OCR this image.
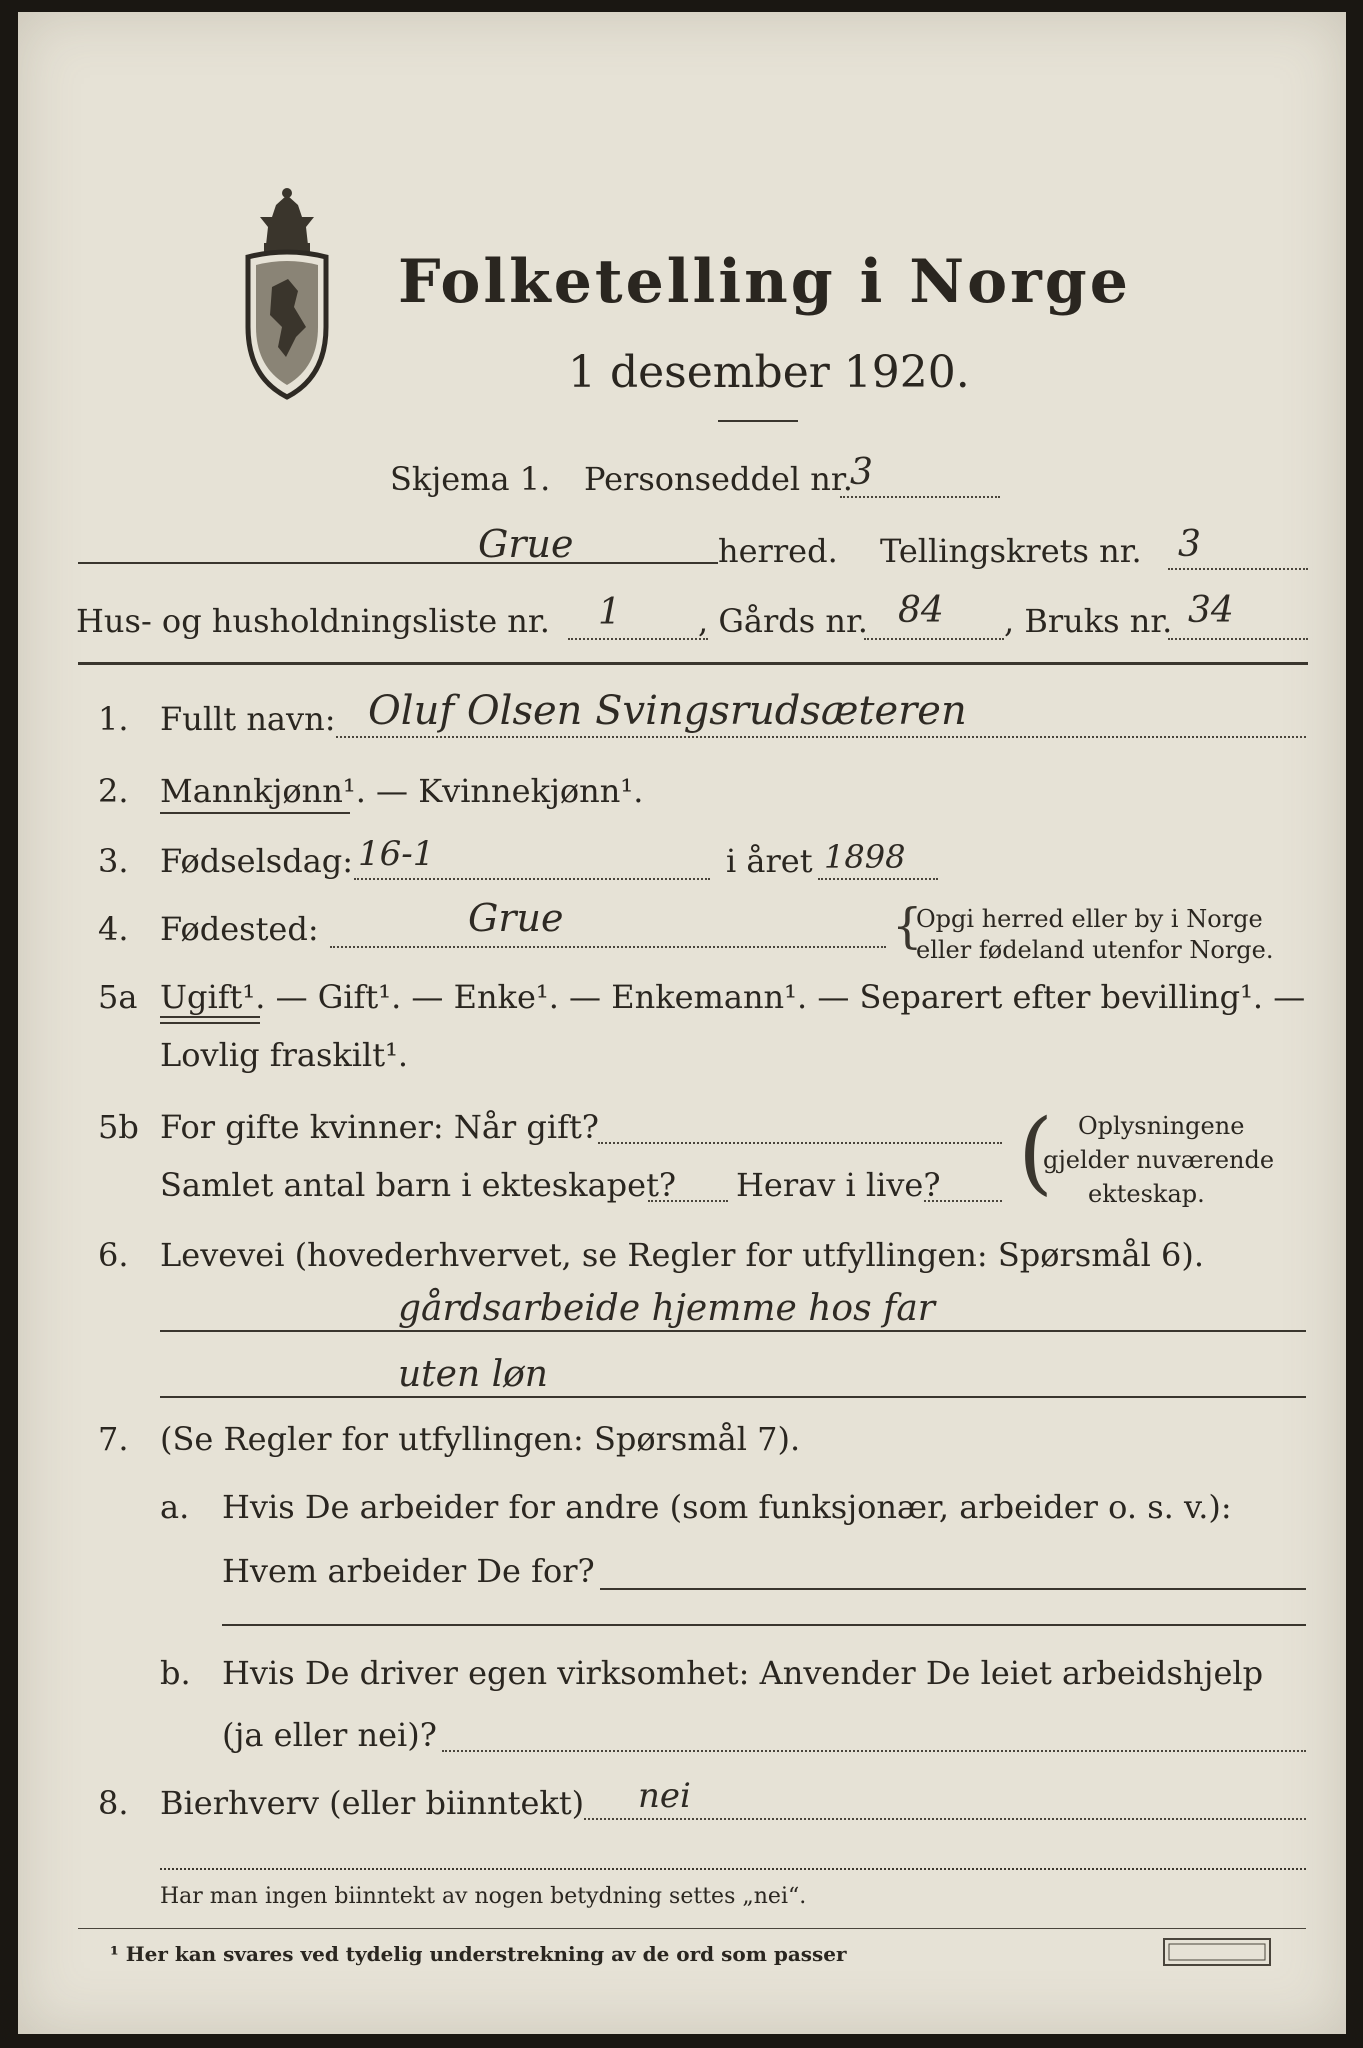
Folketelling i Norge
1 desember 1920.
Skjema 1. Personseddel nr.
3
Grue	herred. Tellingskrets nr. 3
Hus- og husholdningsliste nr. 1 , Gårds nr. 84 , Bruks nr. 34
1. Fullt navn: Oluf Olsen Svingsrudsæteren
2. Mannkjønn¹. — Kvinnekjønn¹.
3. Fødselsdag: 16-1	i året 1898
4. Fødested:	Grue	{
Opgi herred eller by i Norge
eller fødeland utenfor Norge.
5a Ugift¹. — Gift¹. — Enke¹. — Enkemann¹. — Separert efter bevilling¹. —
Lovlig fraskilt¹.
5b For gifte kvinner: Når gift?
Samlet antal barn i ekteskapet? Herav i live? ( Oplysningene
gjelder nuværende
ekteskap.
6. Levevei (hovederhvervet, se Regler for utfyllingen: Spørsmål 6).
gårdsarbeide hjemme hos far
uten løn
7. (Se Regler for utfyllingen: Spørsmål 7).
a. Hvis De arbeider for andre (som funksjonær, arbeider o. s. v.):
Hvem arbeider De for?
b. Hvis De driver egen virksomhet: Anvender De leiet arbeidshjelp
(ja eller nei)?
8. Bierhverv (eller biinntekt) nei
Har man ingen biinntekt av nogen betydning settes „nei“.
¹ Her kan svares ved tydelig understrekning av de ord som passer
